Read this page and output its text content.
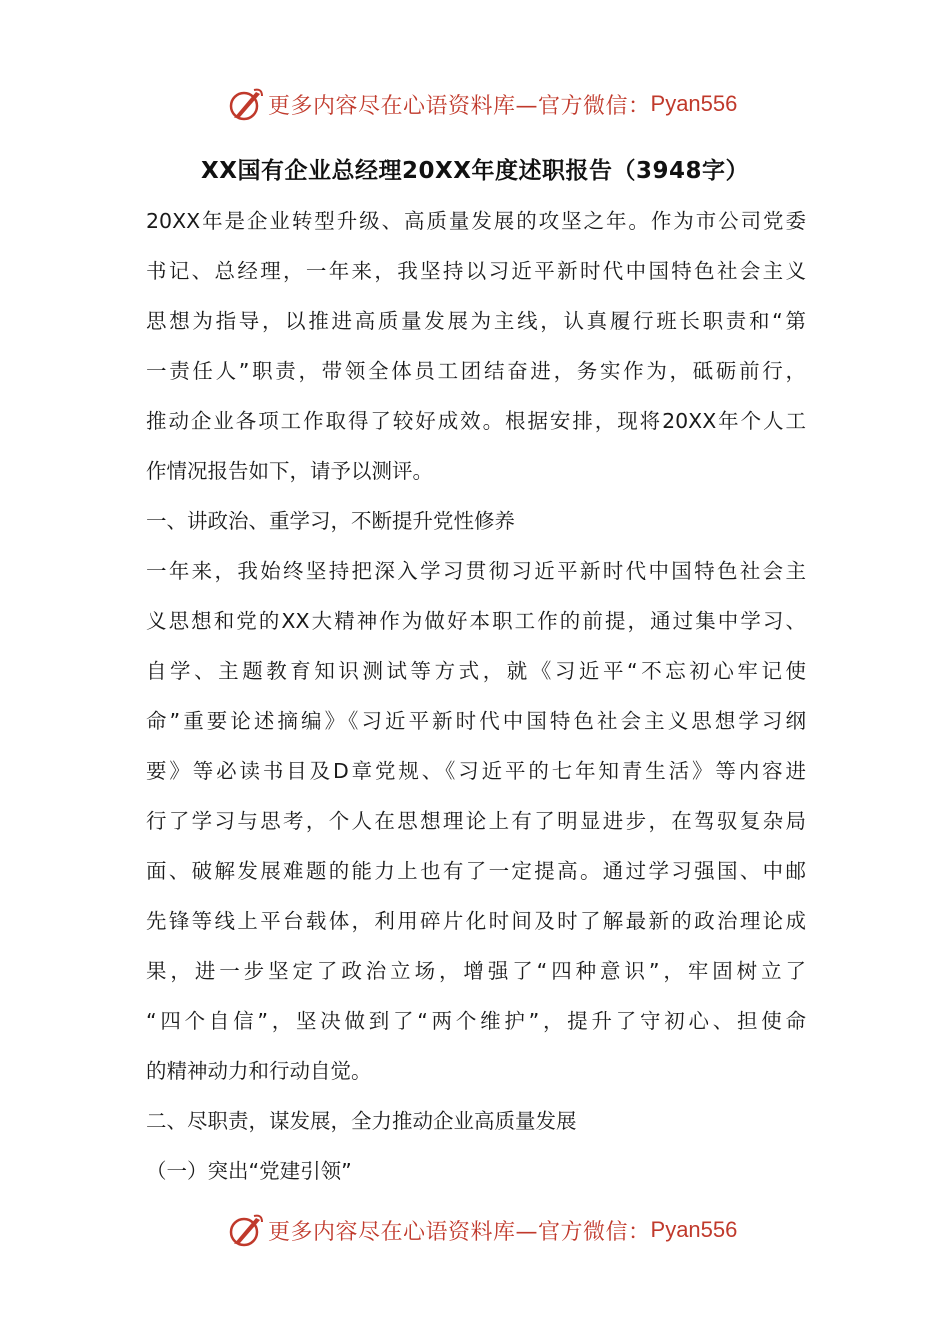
更多内容尽在心语资料库—官方微信： Pyan556
XX国有企业总经理20XX年度述职报告（3948字）
20XX年是企业转型升级、高质量发展的攻坚之年。作为市公司党委
书记、总经理，一年来，我坚持以习近平新时代中国特色社会主义
思想为指导，以推进高质量发展为主线，认真履行班长职责和“第
一责任人”职责，带领全体员工团结奋进，务实作为，砥砺前行，
推动企业各项工作取得了较好成效。根据安排，现将20XX年个人工
作情况报告如下，请予以测评。
一、讲政治、重学习，不断提升党性修养
一年来，我始终坚持把深入学习贯彻习近平新时代中国特色社会主
义思想和党的XX大精神作为做好本职工作的前提，通过集中学习、
自学、主题教育知识测试等方式，就《习近平“不忘初心牢记使
命”重要论述摘编》《习近平新时代中国特色社会主义思想学习纲
要》等必读书目及D章党规、《习近平的七年知青生活》等内容进
行了学习与思考，个人在思想理论上有了明显进步，在驾驭复杂局
面、破解发展难题的能力上也有了一定提高。通过学习强国、中邮
先锋等线上平台载体，利用碎片化时间及时了解最新的政治理论成
果，进一步坚定了政治立场，增强了“四种意识”，牢固树立了
“四个自信”，坚决做到了“两个维护”，提升了守初心、担使命
的精神动力和行动自觉。
二、尽职责，谋发展，全力推动企业高质量发展
（一）突出“党建引领”
更多内容尽在心语资料库—官方微信： Pyan556
